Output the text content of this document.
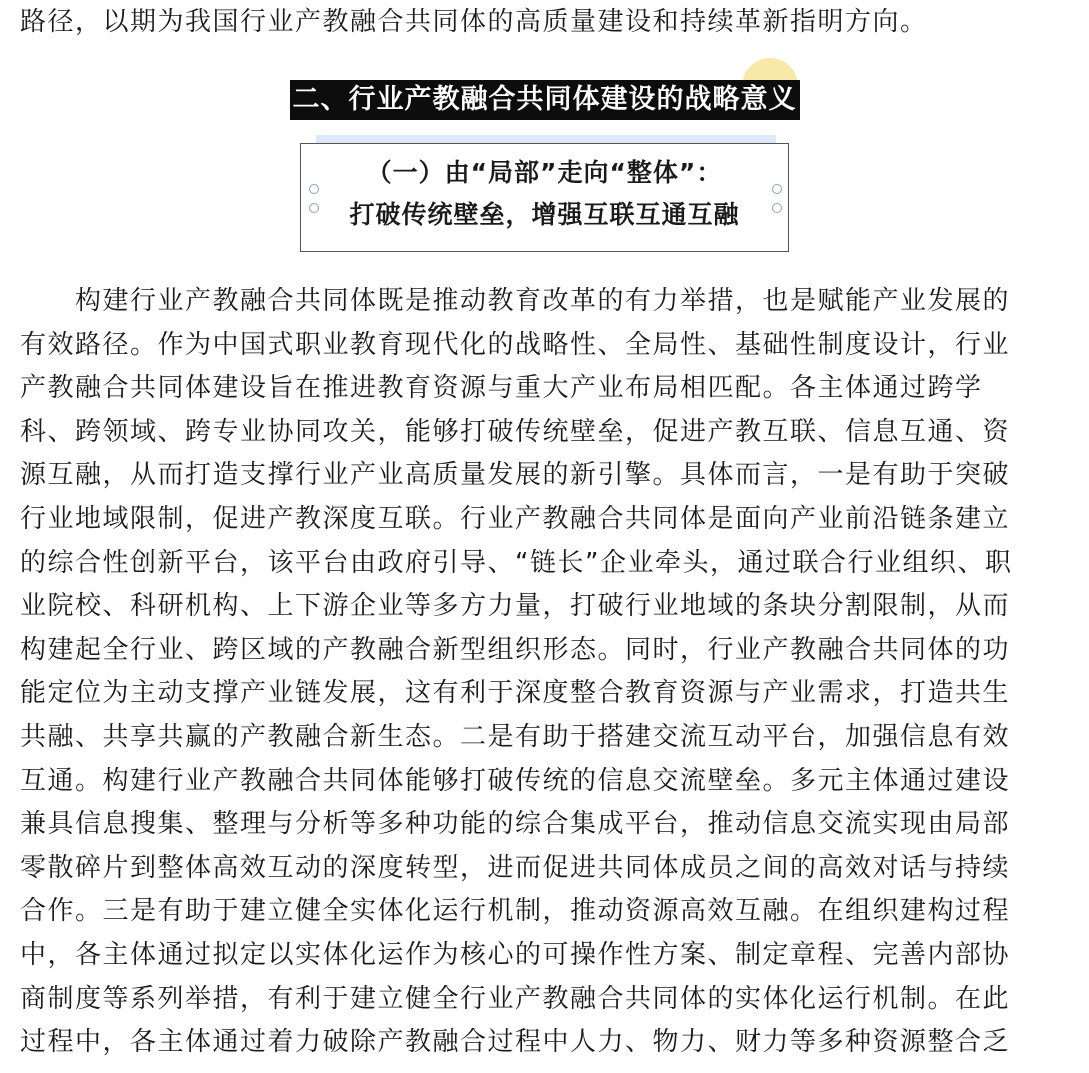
路径，以期为我国行业产教融合共同体的高质量建设和持续革新指明方向。
二、行业产教融合共同体建设的战略意义
（一）由“局部”走向“整体”：
打破传统壁垒，增强互联互通互融
　　构建行业产教融合共同体既是推动教育改革的有力举措，也是赋能产业发展的
有效路径。作为中国式职业教育现代化的战略性、全局性、基础性制度设计，行业
产教融合共同体建设旨在推进教育资源与重大产业布局相匹配。各主体通过跨学
科、跨领域、跨专业协同攻关，能够打破传统壁垒，促进产教互联、信息互通、资
源互融，从而打造支撑行业产业高质量发展的新引擎。具体而言，一是有助于突破
行业地域限制，促进产教深度互联。行业产教融合共同体是面向产业前沿链条建立
的综合性创新平台，该平台由政府引导、“链长”企业牵头，通过联合行业组织、职
业院校、科研机构、上下游企业等多方力量，打破行业地域的条块分割限制，从而
构建起全行业、跨区域的产教融合新型组织形态。同时，行业产教融合共同体的功
能定位为主动支撑产业链发展，这有利于深度整合教育资源与产业需求，打造共生
共融、共享共赢的产教融合新生态。二是有助于搭建交流互动平台，加强信息有效
互通。构建行业产教融合共同体能够打破传统的信息交流壁垒。多元主体通过建设
兼具信息搜集、整理与分析等多种功能的综合集成平台，推动信息交流实现由局部
零散碎片到整体高效互动的深度转型，进而促进共同体成员之间的高效对话与持续
合作。三是有助于建立健全实体化运行机制，推动资源高效互融。在组织建构过程
中，各主体通过拟定以实体化运作为核心的可操作性方案、制定章程、完善内部协
商制度等系列举措，有利于建立健全行业产教融合共同体的实体化运行机制。在此
过程中，各主体通过着力破除产教融合过程中人力、物力、财力等多种资源整合乏
